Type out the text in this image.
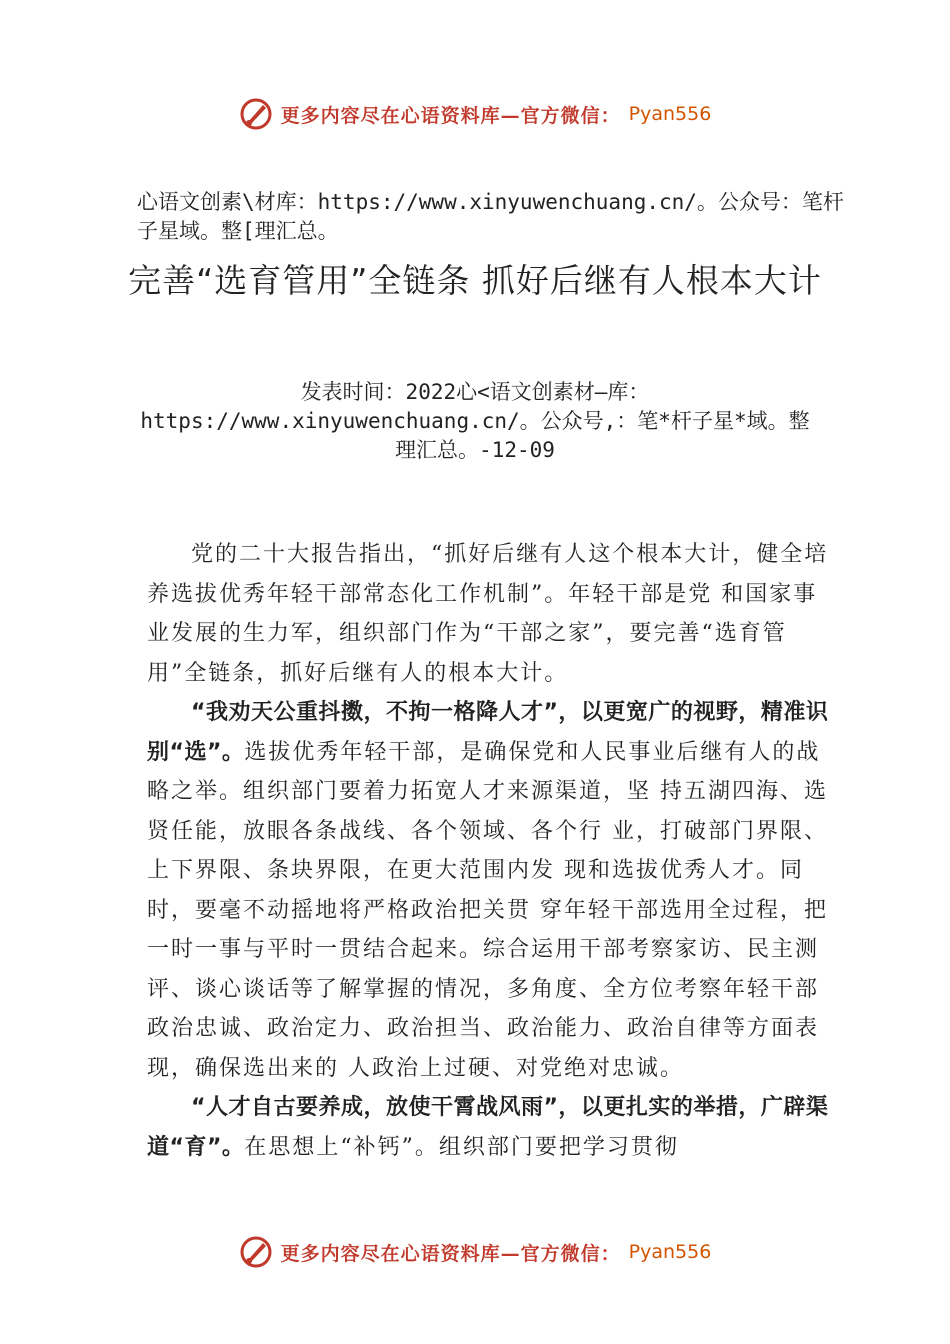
更多内容尽在心语资料库—官方微信： Pyan556
心语文创素\材库：https://www.xinyuwenchuang.cn/。公众号：笔杆子星域。整[理汇总。
完善“选育管用”全链条 抓好后继有人根本大计
发表时间：2022心<语文创素材—库：https://www.xinyuwenchuang.cn/。公众号,：笔*杆子星*域。整理汇总。-12-09

党的二十大报告指出，“抓好后继有人这个根本大计，健全培养选拔优秀年轻干部常态化工作机制”。年轻干部是党 和国家事业发展的生力军，组织部门作为“干部之家”，要完善“选育管用”全链条，抓好后继有人的根本大计。

“我劝天公重抖擞，不拘一格降人才”，以更宽广的视野，精准识别“选”。选拔优秀年轻干部，是确保党和人民事业后继有人的战略之举。组织部门要着力拓宽人才来源渠道，坚 持五湖四海、选贤任能，放眼各条战线、各个领域、各个行 业，打破部门界限、上下界限、条块界限，在更大范围内发 现和选拔优秀人才。同时，要毫不动摇地将严格政治把关贯 穿年轻干部选用全过程，把一时一事与平时一贯结合起来。综合运用干部考察家访、民主测评、谈心谈话等了解掌握的情况，多角度、全方位考察年轻干部政治忠诚、政治定力、政治担当、政治能力、政治自律等方面表现，确保选出来的 人政治上过硬、对党绝对忠诚。

“人才自古要养成，放使干霄战风雨”，以更扎实的举措，广辟渠道“育”。在思想上“补钙”。组织部门要把学习贯彻

更多内容尽在心语资料库—官方微信： Pyan556
